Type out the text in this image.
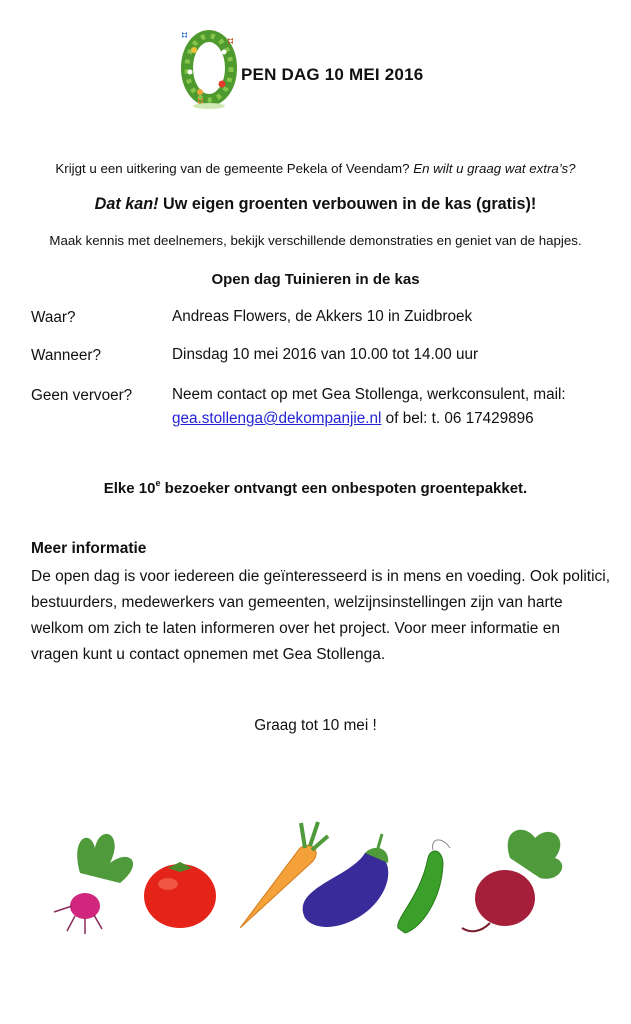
PEN DAG 10 MEI 2016
Krijgt u een uitkering van de gemeente Pekela of Veendam? En wilt u graag wat extra’s?
Dat kan! Uw eigen groenten verbouwen in de kas (gratis)!
Maak kennis met deelnemers, bekijk verschillende demonstraties en geniet van de hapjes.
Open dag Tuinieren in de kas
Waar?	Andreas Flowers, de Akkers 10 in Zuidbroek
Wanneer?	Dinsdag 10 mei 2016 van 10.00 tot 14.00 uur
Geen vervoer?	Neem contact op met Gea Stollenga, werkconsulent, mail:
gea.stollenga@dekompanjie.nl of bel: t. 06 17429896
Elke 10e bezoeker ontvangt een onbespoten groentepakket.
Meer informatie
De open dag is voor iedereen die geïnteresseerd is in mens en voeding. Ook politici, bestuurders, medewerkers van gemeenten, welzijnsinstellingen zijn van harte welkom om zich te laten informeren over het project. Voor meer informatie en vragen kunt u contact opnemen met Gea Stollenga.
Graag tot 10 mei !
